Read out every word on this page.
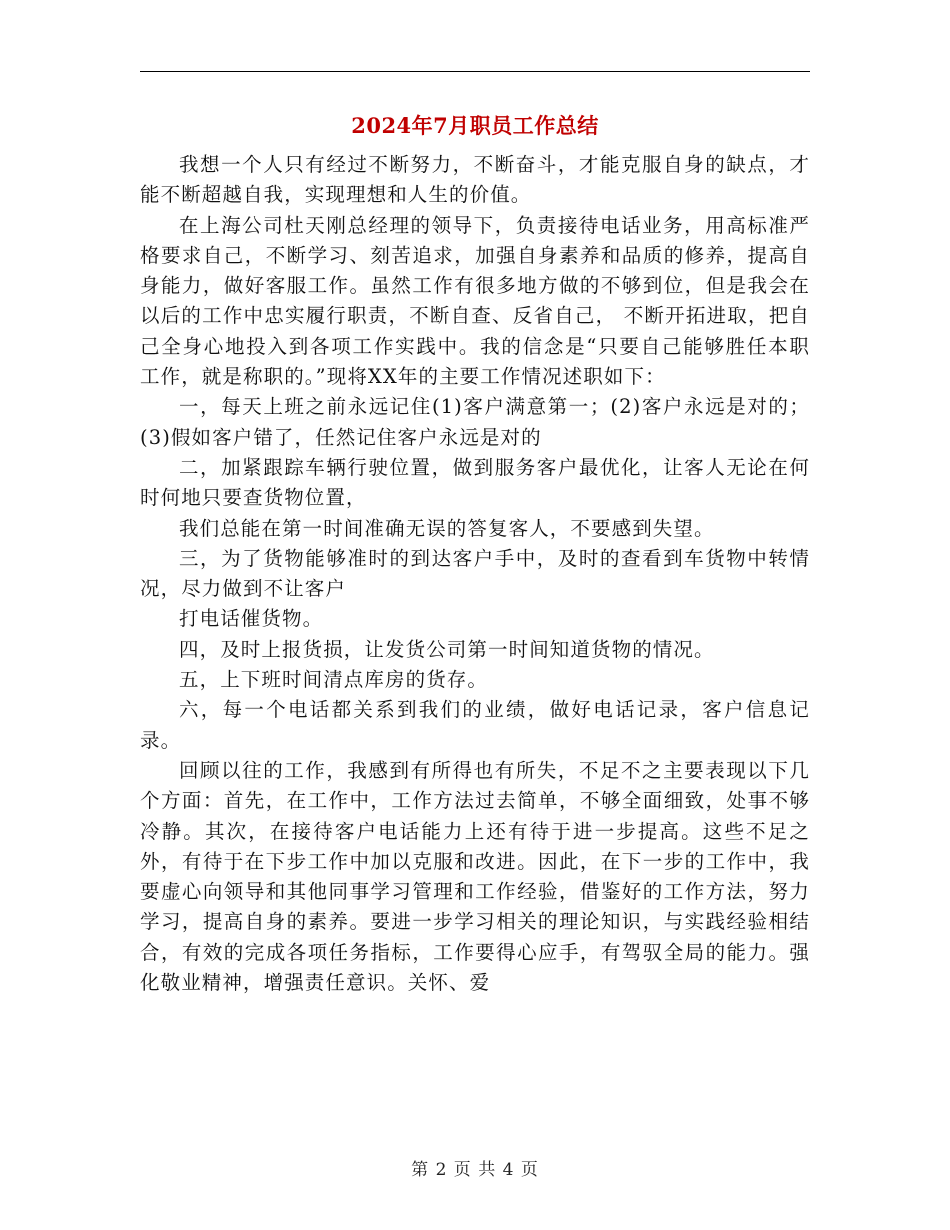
2024年7月职员工作总结

我想一个人只有经过不断努力，不断奋斗，才能克服自身的缺点，才能不断超越自我，实现理想和人生的价值。

在上海公司杜天刚总经理的领导下，负责接待电话业务，用高标准严格要求自己，不断学习、刻苦追求，加强自身素养和品质的修养，提高自身能力，做好客服工作。虽然工作有很多地方做的不够到位，但是我会在以后的工作中忠实履行职责，不断自查、反省自己， 不断开拓进取，把自己全身心地投入到各项工作实践中。我的信念是“只要自己能够胜任本职工作，就是称职的。”现将XX年的主要工作情况述职如下：

一，每天上班之前永远记住(1)客户满意第一；(2)客户永远是对的；(3)假如客户错了，任然记住客户永远是对的

二，加紧跟踪车辆行驶位置，做到服务客户最优化，让客人无论在何时何地只要查货物位置，

我们总能在第一时间准确无误的答复客人，不要感到失望。

三，为了货物能够准时的到达客户手中，及时的查看到车货物中转情况，尽力做到不让客户

打电话催货物。

四，及时上报货损，让发货公司第一时间知道货物的情况。

五，上下班时间清点库房的货存。

六，每一个电话都关系到我们的业绩，做好电话记录，客户信息记录。

回顾以往的工作，我感到有所得也有所失，不足不之主要表现以下几个方面：首先，在工作中，工作方法过去简单，不够全面细致，处事不够冷静。其次，在接待客户电话能力上还有待于进一步提高。这些不足之外，有待于在下步工作中加以克服和改进。因此，在下一步的工作中，我要虚心向领导和其他同事学习管理和工作经验，借鉴好的工作方法，努力学习，提高自身的素养。要进一步学习相关的理论知识，与实践经验相结合，有效的完成各项任务指标，工作要得心应手，有驾驭全局的能力。强化敬业精神，增强责任意识。关怀、爱

第 2 页 共 4 页
